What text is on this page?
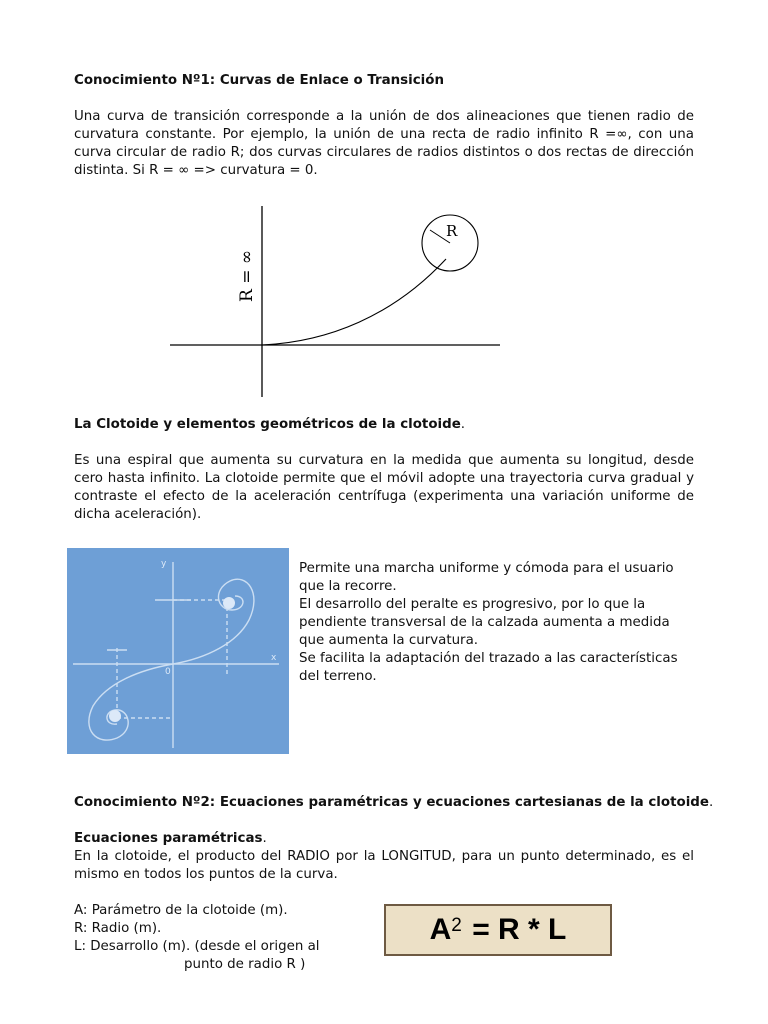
Conocimiento Nº1: Curvas de Enlace o Transición

Una curva de transición corresponde a la unión de dos alineaciones que tienen radio de curvatura constante. Por ejemplo, la unión de una recta de radio infinito R =∞, con una curva circular de radio R; dos curvas circulares de radios distintos o dos rectas de dirección distinta. Si R = ∞ => curvatura = 0.

R
R = ∞
La Clotoide y elementos geométricos de la clotoide.

Es una espiral que aumenta su curvatura en la medida que aumenta su longitud, desde cero hasta infinito. La clotoide permite que el móvil adopte una trayectoria curva gradual y contraste el efecto de la aceleración centrífuga (experimenta una variación uniforme de dicha aceleración).

y
x
0

Permite una marcha uniforme y cómoda para el usuario que la recorre.

El desarrollo del peralte es progresivo, por lo que la pendiente transversal de la calzada aumenta a medida que aumenta la curvatura.

Se facilita la adaptación del trazado a las características del terreno.

Conocimiento Nº2: Ecuaciones paramétricas y ecuaciones cartesianas de la clotoide.
Ecuaciones paramétricas.

En la clotoide, el producto del RADIO por la LONGITUD, para un punto determinado, es el mismo en todos los puntos de la curva.

A: Parámetro de la clotoide (m).
R: Radio (m).
L: Desarrollo (m). (desde el origen al
punto de radio R )
$A^2 = R * L$
